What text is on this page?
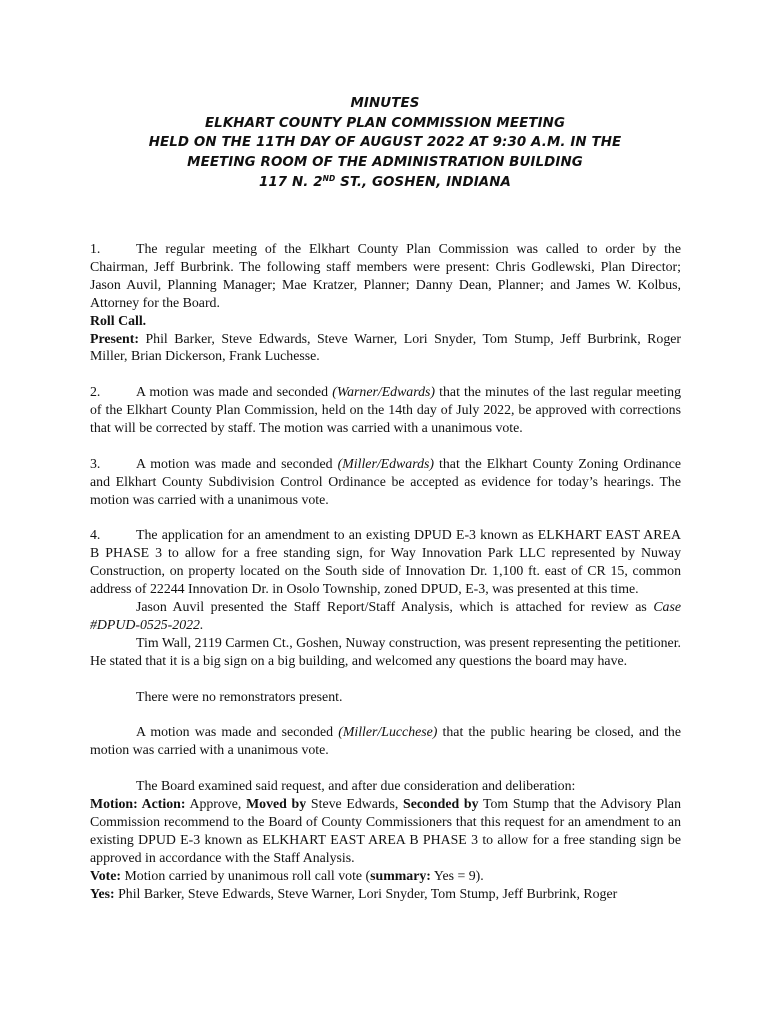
MINUTES
ELKHART COUNTY PLAN COMMISSION MEETING
HELD ON THE 11TH DAY OF AUGUST 2022 AT 9:30 A.M. IN THE
MEETING ROOM OF THE ADMINISTRATION BUILDING
117 N. 2ND ST., GOSHEN, INDIANA

1.	The regular meeting of the Elkhart County Plan Commission was called to order by the Chairman, Jeff Burbrink. The following staff members were present: Chris Godlewski, Plan Director; Jason Auvil, Planning Manager; Mae Kratzer, Planner; Danny Dean, Planner; and James W. Kolbus, Attorney for the Board.

Roll Call.

Present: Phil Barker, Steve Edwards, Steve Warner, Lori Snyder, Tom Stump, Jeff Burbrink, Roger Miller, Brian Dickerson, Frank Luchesse.

2.	A motion was made and seconded (Warner/Edwards) that the minutes of the last regular meeting of the Elkhart County Plan Commission, held on the 14th day of July 2022, be approved with corrections that will be corrected by staff. The motion was carried with a unanimous vote.

3.	A motion was made and seconded (Miller/Edwards) that the Elkhart County Zoning Ordinance and Elkhart County Subdivision Control Ordinance be accepted as evidence for today’s hearings. The motion was carried with a unanimous vote.

4.	The application for an amendment to an existing DPUD E-3 known as ELKHART EAST AREA B PHASE 3 to allow for a free standing sign, for Way Innovation Park LLC represented by Nuway Construction, on property located on the South side of Innovation Dr. 1,100 ft. east of CR 15, common address of 22244 Innovation Dr. in Osolo Township, zoned DPUD, E-3, was presented at this time.

Jason Auvil presented the Staff Report/Staff Analysis, which is attached for review as Case #DPUD-0525-2022.

Tim Wall, 2119 Carmen Ct., Goshen, Nuway construction, was present representing the petitioner. He stated that it is a big sign on a big building, and welcomed any questions the board may have.

There were no remonstrators present.

A motion was made and seconded (Miller/Lucchese) that the public hearing be closed, and the motion was carried with a unanimous vote.

The Board examined said request, and after due consideration and deliberation:

Motion: Action: Approve, Moved by Steve Edwards, Seconded by Tom Stump that the Advisory Plan Commission recommend to the Board of County Commissioners that this request for an amendment to an existing DPUD E-3 known as ELKHART EAST AREA B PHASE 3 to allow for a free standing sign be approved in accordance with the Staff Analysis.

Vote: Motion carried by unanimous roll call vote (summary: Yes = 9).

Yes: Phil Barker, Steve Edwards, Steve Warner, Lori Snyder, Tom Stump, Jeff Burbrink, Roger
